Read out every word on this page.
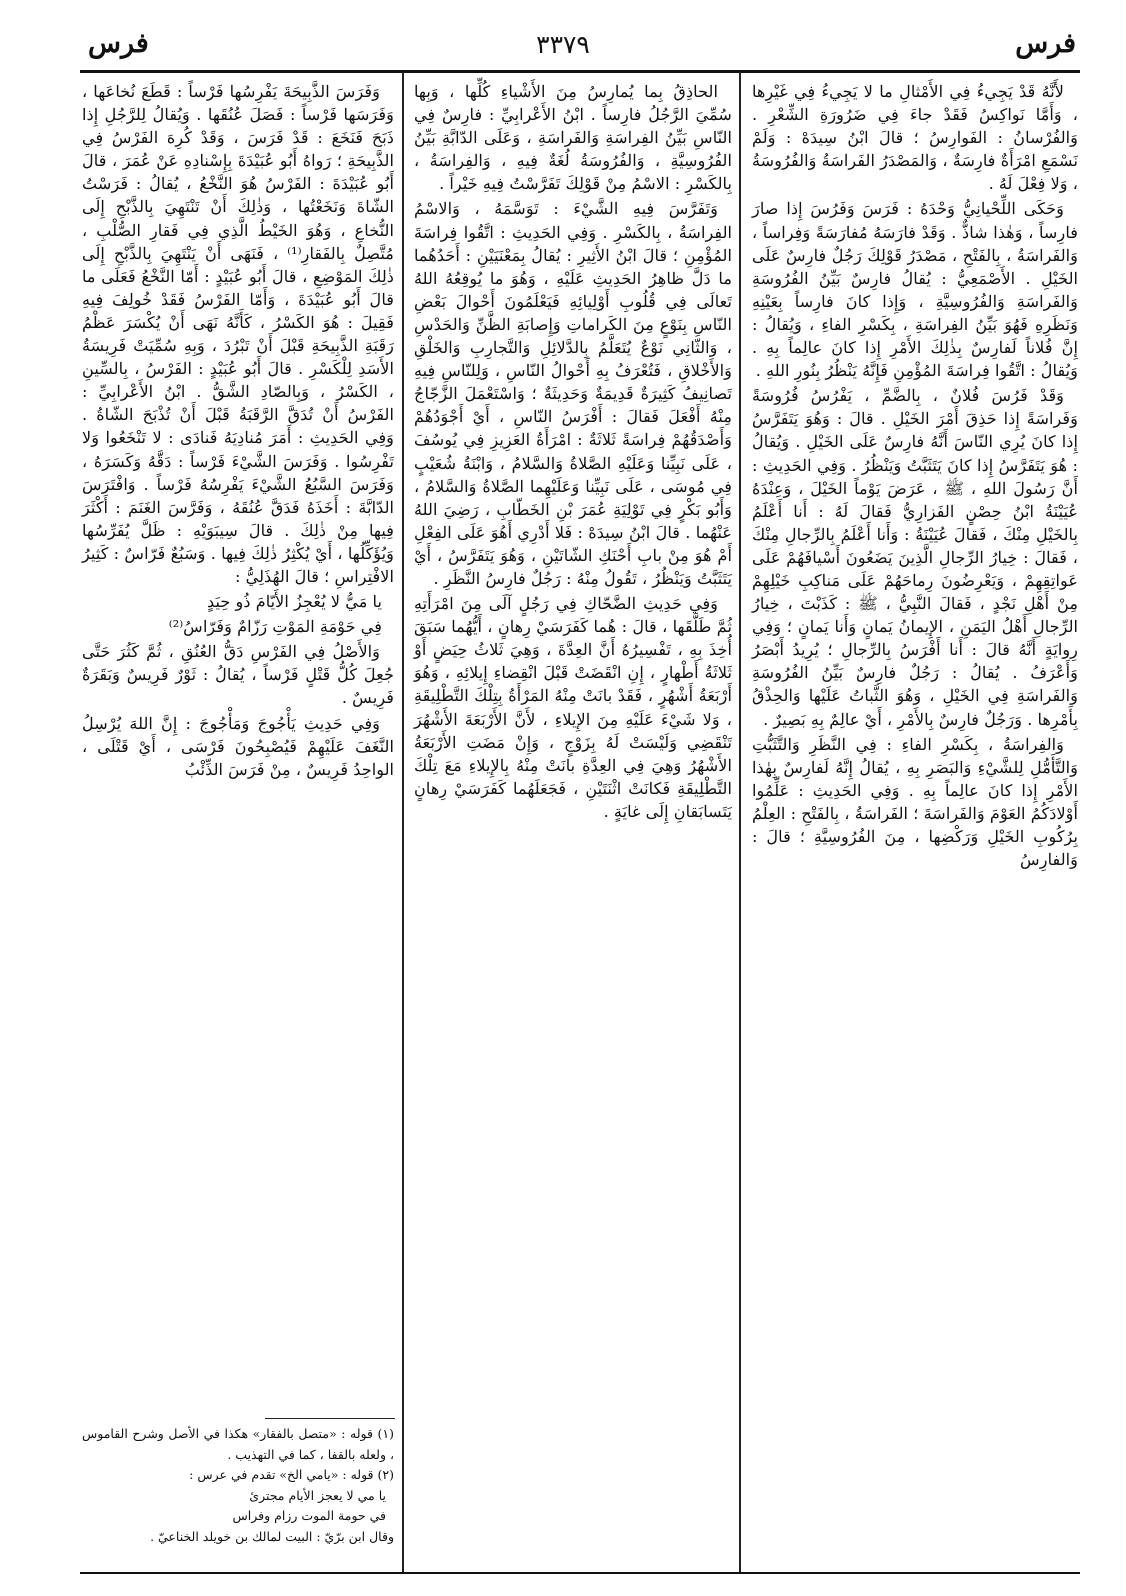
فرس
٣٣٧٩
فرس

لأَنَّهُ قَدْ يَجِيءُ فِي الأَمْثالِ ما لا يَجِيءُ فِي غَيْرِها ، وَأَمَّا نَواكِسُ فَقَدْ جاءَ فِي ضَرُورَةِ الشِّعْرِ . وَالفُرْسانُ : الفَوارِسُ ؛ قالَ ابْنُ سِيدَهْ : وَلَمْ نَسْمَعِ امْرَأَةٌ فارِسَةٌ ، وَالمَصْدَرُ الفَراسَةُ وَالفُرُوسَةُ ، وَلا فِعْلَ لَهُ .

وَحَكَى اللِّحْيانِيُّ وَحْدَهُ : فَرَسَ وَفَرُسَ إِذا صارَ فارِساً ، وَهٰذا شاذٌّ . وَقَدْ فارَسَهُ مُفارَسَةً وَفِراساً ، وَالفَراسَةُ ، بِالفَتْحِ ، مَصْدَرُ قَوْلِكَ رَجُلٌ فارِسٌ عَلَى الخَيْلِ . الأَصْمَعِيُّ : يُقالُ فارِسٌ بَيِّنُ الفُرُوسَةِ وَالفَراسَةِ وَالفُرُوسِيَّةِ ، وَإِذا كانَ فارِساً بِعَيْنِهِ وَنَظَرِهِ فَهُوَ بَيِّنُ الفِراسَةِ ، بِكَسْرِ الفاءِ ، وَيُقالُ : إِنَّ فُلاناً لَفارِسٌ بِذٰلِكَ الأَمْرِ إِذا كانَ عالِماً بِهِ . وَيُقالُ : اتَّقُوا فِراسَةَ المُؤْمِنِ فَإِنَّهُ يَنْظُرُ بِنُورِ اللهِ .

وَقَدْ فَرُسَ فُلانٌ ، بِالضَّمِّ ، يَفْرُسُ فُرُوسَةً وَفَراسَةً إِذا حَذِقَ أَمْرَ الخَيْلِ . قالَ : وَهُوَ يَتَفَرَّسُ إِذا كانَ يُرِي النّاسَ أَنَّهُ فارِسٌ عَلَى الخَيْلِ . وَيُقالُ : هُوَ يَتَفَرَّسُ إِذا كانَ يَتَثَبَّتُ وَيَنْظُرُ . وَفِي الحَدِيثِ : أَنَّ رَسُولَ اللهِ ، ﷺ ، عَرَضَ يَوْماً الخَيْلَ ، وَعِنْدَهُ عُيَيْنَةُ ابْنُ حِصْنٍ الفَزارِيُّ فَقالَ لَهُ : أَنا أَعْلَمُ بِالخَيْلِ مِنْكَ ، فَقالَ عُيَيْنَةُ : وَأَنا أَعْلَمُ بِالرِّجالِ مِنْكَ ، فَقالَ : خِيارُ الرِّجالِ الَّذِينَ يَضَعُونَ أَسْيافَهُمْ عَلَى عَواتِقِهِمْ ، وَيَعْرِضُونَ رِماحَهُمْ عَلَى مَناكِبِ خَيْلِهِمْ مِنْ أَهْلِ نَجْدٍ ، فَقالَ النَّبِيُّ ، ﷺ : كَذَبْتَ ، خِيارُ الرِّجالِ أَهْلُ اليَمَنِ ، الإِيمانُ يَمانٍ وَأَنا يَمانٍ ؛ وَفِي رِوايَةٍ أَنَّهُ قالَ : أَنا أَفْرَسُ بِالرِّجالِ ؛ يُرِيدُ أَبْصَرُ وَأَعْرَفُ . يُقالُ : رَجُلٌ فارِسٌ بَيِّنُ الفُرُوسَةِ وَالفَراسَةِ فِي الخَيْلِ ، وَهُوَ الثَّباتُ عَلَيْها وَالحِذْقُ بِأَمْرِها . وَرَجُلٌ فارِسٌ بِالأَمْرِ ، أَيْ عالِمٌ بِهِ بَصِيرٌ .

وَالفِراسَةُ ، بِكَسْرِ الفاءِ : فِي النَّظَرِ وَالتَّثَبُّتِ وَالتَّأَمُّلِ لِلشَّيْءِ وَالبَصَرِ بِهِ ، يُقالُ إِنَّهُ لَفارِسٌ بِهٰذا الأَمْرِ إِذا كانَ عالِماً بِهِ . وَفِي الحَدِيثِ : عَلِّمُوا أَوْلادَكُمُ العَوْمَ وَالفَراسَةَ ؛ الفَراسَةُ ، بِالفَتْحِ : العِلْمُ بِرُكُوبِ الخَيْلِ وَرَكْضِها ، مِنَ الفُرُوسِيَّةِ ؛ قالَ : وَالفارِسُ

الحاذِقُ بِما يُمارِسُ مِنَ الأَشْياءِ كُلِّها ، وَبِها سُمِّيَ الرَّجُلُ فارِساً . ابْنُ الأَعْرابِيِّ : فارِسٌ فِي النّاسِ بَيِّنُ الفِراسَةِ وَالفَراسَةِ ، وَعَلَى الدّابَّةِ بَيِّنُ الفُرُوسِيَّةِ ، وَالفُرُوسَةُ لُغَةٌ فِيهِ ، وَالفِراسَةُ ، بِالكَسْرِ : الاسْمُ مِنْ قَوْلِكَ تَفَرَّسْتُ فِيهِ خَيْراً .

وَتَفَرَّسَ فِيهِ الشَّيْءَ : تَوَسَّمَهُ ، وَالاسْمُ الفِراسَةُ ، بِالكَسْرِ . وَفِي الحَدِيثِ : اتَّقُوا فِراسَةَ المُؤْمِنِ ؛ قالَ ابْنُ الأَثِيرِ : يُقالُ بِمَعْنَيَيْنِ : أَحَدُهُما ما دَلَّ ظاهِرُ الحَدِيثِ عَلَيْهِ ، وَهُوَ ما يُوقِعُهُ اللهُ تَعالَى فِي قُلُوبِ أَوْلِيائِهِ فَيَعْلَمُونَ أَحْوالَ بَعْضِ النّاسِ بِنَوْعٍ مِنَ الكَراماتِ وَإِصابَةِ الظَّنِّ وَالحَدْسِ ، وَالثّانِي نَوْعٌ يُتَعَلَّمُ بِالدَّلائِلِ وَالتَّجارِبِ وَالخَلْقِ وَالأَخْلاقِ ، فَتُعْرَفُ بِهِ أَحْوالُ النّاسِ ، وَلِلنّاسِ فِيهِ تَصانِيفُ كَثِيرَةٌ قَدِيمَةٌ وَحَدِيثَةٌ ؛ وَاسْتَعْمَلَ الزَّجّاجُ مِنْهُ أَفْعَلَ فَقالَ : أَفْرَسُ النّاسِ ، أَيْ أَجْوَدُهُمْ وَأَصْدَقُهُمْ فِراسَةً ثَلاثَةٌ : امْرَأَةُ العَزِيزِ فِي يُوسُفَ ، عَلَى نَبِيِّنا وَعَلَيْهِ الصَّلاةُ وَالسَّلامُ ، وَابْنَةُ شُعَيْبٍ فِي مُوسَى ، عَلَى نَبِيِّنا وَعَلَيْهِما الصَّلاةُ وَالسَّلامُ ، وَأَبُو بَكْرٍ فِي تَوْلِيَةِ عُمَرَ بْنِ الخَطّابِ ، رَضِيَ اللهُ عَنْهُما . قالَ ابْنُ سِيدَهْ : فَلا أَدْرِي أَهُوَ عَلَى الفِعْلِ أَمْ هُوَ مِنْ بابِ أَحْنَكِ الشّاتَيْنِ ، وَهُوَ يَتَفَرَّسُ ، أَيْ يَتَثَبَّتُ وَيَنْظُرُ ، تَقُولُ مِنْهُ : رَجُلٌ فارِسُ النَّظَرِ .

وَفِي حَدِيثِ الضَّحّاكِ فِي رَجُلٍ آلَى مِنَ امْرَأَتِهِ ثُمَّ طَلَّقَها ، قالَ : هُما كَفَرَسَيْ رِهانٍ ، أَيُّهُما سَبَقَ أُخِذَ بِهِ ، تَفْسِيرُهُ أَنَّ العِدَّةَ ، وَهِيَ ثَلاثُ حِيَضٍ أَوْ ثَلاثَةُ أَطْهارٍ ، إِنِ انْقَضَتْ قَبْلَ انْقِضاءِ إِيلائِهِ ، وَهُوَ أَرْبَعَةُ أَشْهُرٍ ، فَقَدْ بانَتْ مِنْهُ المَرْأَةُ بِتِلْكَ التَّطْلِيقَةِ ، وَلا شَيْءَ عَلَيْهِ مِنَ الإِيلاءِ ، لأَنَّ الأَرْبَعَةَ الأَشْهُرَ تَنْقَضِي وَلَيْسَتْ لَهُ بِزَوْجٍ ، وَإِنْ مَضَتِ الأَرْبَعَةُ الأَشْهُرُ وَهِيَ فِي العِدَّةِ بانَتْ مِنْهُ بِالإِيلاءِ مَعَ تِلْكَ التَّطْلِيقَةِ فَكانَتْ اثْنَتَيْنِ ، فَجَعَلَهُما كَفَرَسَيْ رِهانٍ يَتَسابَقانِ إِلَى غايَةٍ .

وَفَرَسَ الذَّبِيحَةَ يَفْرِسُها فَرْساً : قَطَعَ نُخاعَها ، وَفَرَسَها فَرْساً : فَصَلَ عُنُقَها . وَيُقالُ لِلرَّجُلِ إِذا ذَبَحَ فَنَخَعَ : قَدْ فَرَسَ ، وَقَدْ كُرِهَ الفَرْسُ فِي الذَّبِيحَةِ ؛ رَواهُ أَبُو عُبَيْدَةَ بِإِسْنادِهِ عَنْ عُمَرَ ، قالَ أَبُو عُبَيْدَةَ : الفَرْسُ هُوَ النَّخْعُ ، يُقالُ : فَرَسْتُ الشّاةَ وَنَخَعْتُها ، وَذٰلِكَ أَنْ تَنْتَهِيَ بِالذَّبْحِ إِلَى النُّخاعِ ، وَهُوَ الخَيْطُ الَّذِي فِي فَقارِ الصُّلْبِ ، مُتَّصِلٌ بِالفَقارِ⁽¹⁾ ، فَنَهَى أَنْ يَنْتَهِيَ بِالذَّبْحِ إِلَى ذٰلِكَ المَوْضِعِ ، قالَ أَبُو عُبَيْدٍ : أَمّا النَّخْعُ فَعَلَى ما قالَ أَبُو عُبَيْدَةَ ، وَأَمّا الفَرْسُ فَقَدْ خُولِفَ فِيهِ فَقِيلَ : هُوَ الكَسْرُ ، كَأَنَّهُ نَهَى أَنْ يُكْسَرَ عَظْمُ رَقَبَةِ الذَّبِيحَةِ قَبْلَ أَنْ تَبْرُدَ ، وَبِهِ سُمِّيَتْ فَرِيسَةُ الأَسَدِ لِلْكَسْرِ . قالَ أَبُو عُبَيْدٍ : الفَرْسُ ، بِالسِّينِ ، الكَسْرُ ، وَبِالصّادِ الشَّقُّ . ابْنُ الأَعْرابِيِّ : الفَرْسُ أَنْ تُدَقَّ الرَّقَبَةُ قَبْلَ أَنْ تُذْبَحَ الشّاةُ . وَفِي الحَدِيثِ : أَمَرَ مُنادِيَهُ فَنادَى : لا تَنْخَعُوا وَلا تَفْرِسُوا . وَفَرَسَ الشَّيْءَ فَرْساً : دَقَّهُ وَكَسَرَهُ ، وَفَرَسَ السَّبُعُ الشَّيْءَ يَفْرِسُهُ فَرْساً . وَافْتَرَسَ الدّابَّةَ : أَخَذَهُ فَدَقَّ عُنُقَهُ ، وَفَرَّسَ الغَنَمَ : أَكْثَرَ فِيها مِنْ ذٰلِكَ . قالَ سِيبَوَيْهِ : ظَلَّ يُفَرِّسُها وَيُؤَكِّلُها ، أَيْ يُكْثِرُ ذٰلِكَ فِيها . وَسَبُعٌ فَرّاسٌ : كَثِيرُ الافْتِراسِ ؛ قالَ الهُذَلِيُّ :

يا مَيُّ لا يُعْجِزُ الأَيّامَ ذُو حِيَدٍ
فِي حَوْمَةِ المَوْتِ رَزّامٌ وَفَرّاسُ⁽²⁾

وَالأَصْلُ فِي الفَرْسِ دَقُّ العُنُقِ ، ثُمَّ كَثُرَ حَتَّى جُعِلَ كُلُّ قَتْلٍ فَرْساً ، يُقالُ : ثَوْرٌ فَرِيسٌ وَبَقَرَةٌ فَرِيسٌ .

وَفِي حَدِيثِ يَأْجُوجَ وَمَأْجُوجَ : إِنَّ اللهَ يُرْسِلُ النَّغَفَ عَلَيْهِمْ فَيُصْبِحُونَ فَرْسَى ، أَيْ قَتْلَى ، الواحِدُ فَرِيسٌ ، مِنْ فَرَسَ الذِّئْبُ

(١) قوله : «متصل بالفقار» هكذا في الأصل وشرح القاموس ، ولعله بالقفا ، كما في التهذيب .

(٢) قوله : «يامي الخ» تقدم في عرس :

يا مي لا يعجز الأيام مجترئ
في حومة الموت رزام وفراس

وقال ابن برّيّ : البيت لمالك بن خويلد الخناعيّ .
